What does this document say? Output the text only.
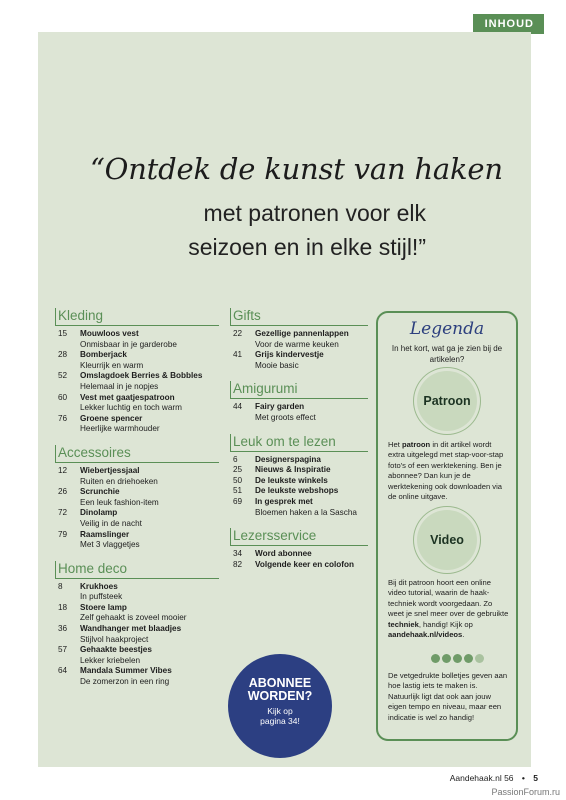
INHOUD
“Ontdek de kunst van haken
met patronen voor elk
seizoen en in elke stijl!”
Kleding
15	Mouwloos vest
Onmisbaar in je garderobe
28	Bomberjack
Kleurrijk en warm
52	Omslagdoek Berries & Bobbles
Helemaal in je nopjes
60	Vest met gaatjespatroon
Lekker luchtig en toch warm
76	Groene spencer
Heerlijke warmhouder
Accessoires
12	Wiebertjessjaal
Ruiten en driehoeken
26	Scrunchie
Een leuk fashion-item
72	Dinolamp
Veilig in de nacht
79	Raamslinger
Met 3 vlaggetjes
Home deco
8	Krukhoes
In puffsteek
18	Stoere lamp
Zelf gehaakt is zoveel mooier
36	Wandhanger met blaadjes
Stijlvol haakproject
57	Gehaakte beestjes
Lekker kriebelen
64	Mandala Summer Vibes
De zomerzon in een ring
Gifts
22	Gezellige pannenlappen
Voor de warme keuken
41	Grijs kindervestje
Mooie basic
Amigurumi
44	Fairy garden
Met groots effect
Leuk om te lezen
6	Designerspagina
25	Nieuws & Inspiratie
50	De leukste winkels
51	De leukste webshops
69	In gesprek met
Bloemen haken a la Sascha
Lezersservice
34	Word abonnee
82	Volgende keer en colofon
Legenda
In het kort, wat ga je zien bij de artikelen?
Patroon
Het patroon in dit artikel wordt extra uitgelegd met stap-voor-stap foto's of een werktekening. Ben je abonnee? Dan kun je de werktekening ook downloaden via de online uitgave.
Video
Bij dit patroon hoort een online video tutorial, waarin de haak-techniek wordt voorgedaan. Zo weet je snel meer over de gebruikte techniek, handig! Kijk op aandehaak.nl/videos.
De vetgedrukte bolletjes geven aan hoe lastig iets te maken is. Natuurlijk ligt dat ook aan jouw eigen tempo en niveau, maar een indicatie is wel zo handig!
ABONNEE
WORDEN?
Kijk op
pagina 34!
Aandehaak.nl 56 • 5
PassionForum.ru
